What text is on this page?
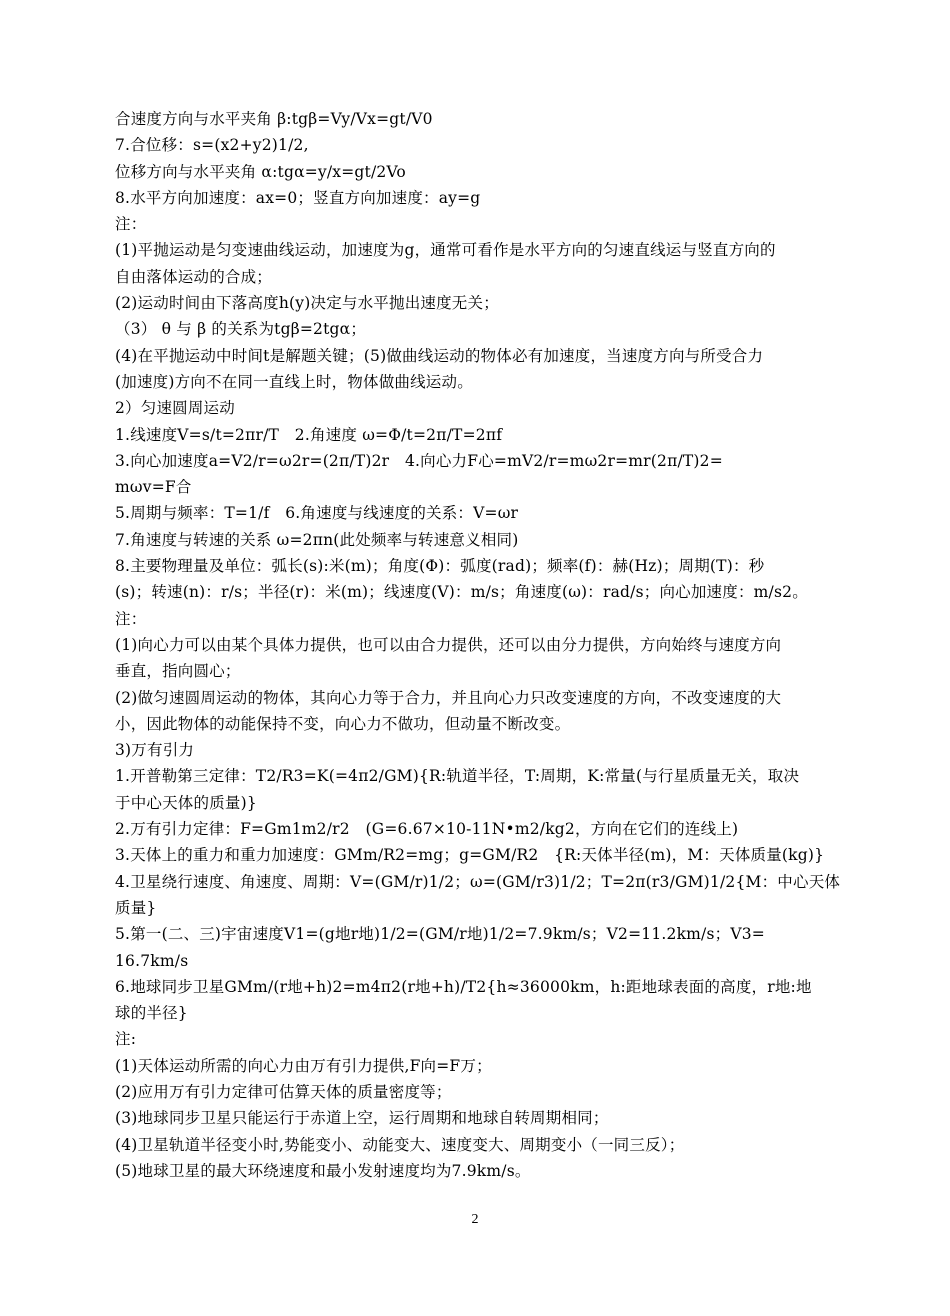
合速度方向与水平夹角 β:tgβ=Vy/Vx=gt/V0
7.合位移：s=(x2+y2)1/2,
位移方向与水平夹角 α:tgα=y/x=gt/2Vo
8.水平方向加速度：ax=0；竖直方向加速度：ay=g
注：
(1)平抛运动是匀变速曲线运动，加速度为g，通常可看作是水平方向的匀速直线运与竖直方向的
自由落体运动的合成；
(2)运动时间由下落高度h(y)决定与水平抛出速度无关；
（3） θ 与 β 的关系为tgβ=2tgα；
(4)在平抛运动中时间t是解题关键；(5)做曲线运动的物体必有加速度，当速度方向与所受合力
(加速度)方向不在同一直线上时，物体做曲线运动。
2）匀速圆周运动
1.线速度V=s/t=2πr/T　2.角速度 ω=Φ/t=2π/T=2πf
3.向心加速度a=V2/r=ω2r=(2π/T)2r　4.向心力F心=mV2/r=mω2r=mr(2π/T)2=
mωv=F合
5.周期与频率：T=1/f　6.角速度与线速度的关系：V=ωr
7.角速度与转速的关系 ω=2πn(此处频率与转速意义相同)
8.主要物理量及单位：弧长(s):米(m)；角度(Φ)：弧度(rad)；频率(f)：赫(Hz)；周期(T)：秒
(s)；转速(n)：r/s；半径(r)：米(m)；线速度(V)：m/s；角速度(ω)：rad/s；向心加速度：m/s2。
注：
(1)向心力可以由某个具体力提供，也可以由合力提供，还可以由分力提供，方向始终与速度方向
垂直，指向圆心；
(2)做匀速圆周运动的物体，其向心力等于合力，并且向心力只改变速度的方向，不改变速度的大
小，因此物体的动能保持不变，向心力不做功，但动量不断改变。
3)万有引力
1.开普勒第三定律：T2/R3=K(=4π2/GM){R:轨道半径，T:周期，K:常量(与行星质量无关，取决
于中心天体的质量)}
2.万有引力定律：F=Gm1m2/r2　(G=6.67×10-11N•m2/kg2，方向在它们的连线上)
3.天体上的重力和重力加速度：GMm/R2=mg；g=GM/R2　{R:天体半径(m)，M：天体质量(kg)}
4.卫星绕行速度、角速度、周期：V=(GM/r)1/2；ω=(GM/r3)1/2；T=2π(r3/GM)1/2{M：中心天体
质量}
5.第一(二、三)宇宙速度V1=(g地r地)1/2=(GM/r地)1/2=7.9km/s；V2=11.2km/s；V3=
16.7km/s
6.地球同步卫星GMm/(r地+h)2=m4π2(r地+h)/T2{h≈36000km，h:距地球表面的高度，r地:地
球的半径}
注:
(1)天体运动所需的向心力由万有引力提供,F向=F万；
(2)应用万有引力定律可估算天体的质量密度等；
(3)地球同步卫星只能运行于赤道上空，运行周期和地球自转周期相同；
(4)卫星轨道半径变小时,势能变小、动能变大、速度变大、周期变小（一同三反）；
(5)地球卫星的最大环绕速度和最小发射速度均为7.9km/s。
2
